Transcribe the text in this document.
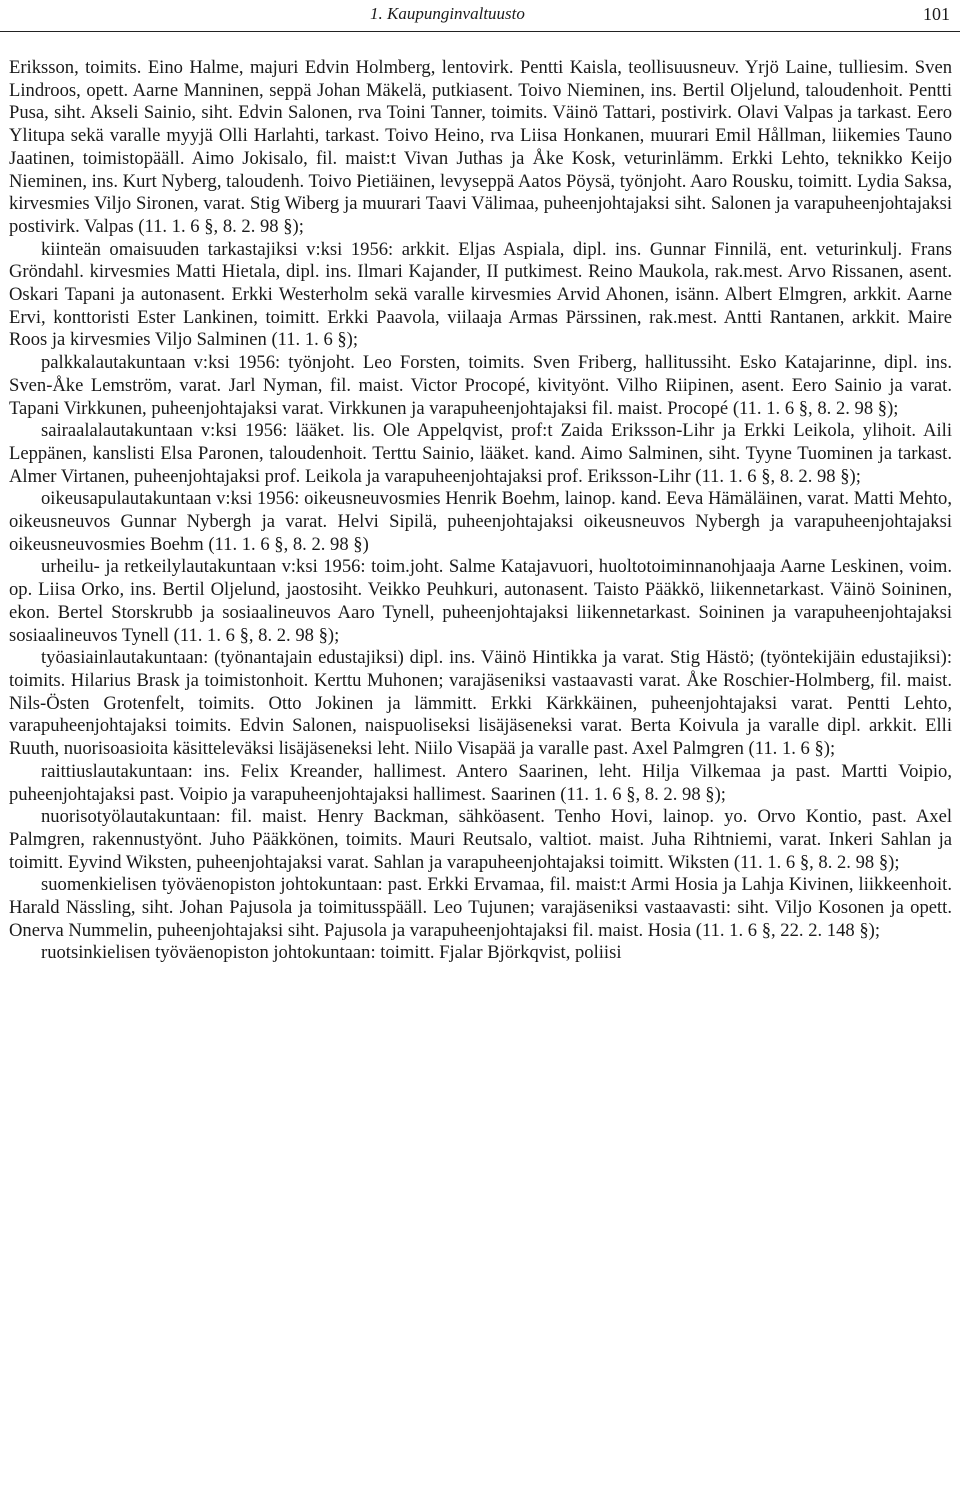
1. Kaupunginvaltuusto	101

Eriksson, toimits. Eino Halme, majuri Edvin Holmberg, lentovirk. Pentti Kaisla, teollisuusneuv. Yrjö Laine, tulliesim. Sven Lindroos, opett. Aarne Manninen, seppä Johan Mäkelä, putkiasent. Toivo Nieminen, ins. Bertil Oljelund, taloudenhoit. Pentti Pusa, siht. Akseli Sainio, siht. Edvin Salonen, rva Toini Tanner, toimits. Väinö Tattari, postivirk. Olavi Valpas ja tarkast. Eero Ylitupa sekä varalle myyjä Olli Harlahti, tarkast. Toivo Heino, rva Liisa Honkanen, muurari Emil Hållman, liikemies Tauno Jaatinen, toimistopääll. Aimo Jokisalo, fil. maist:t Vivan Juthas ja Åke Kosk, veturinlämm. Erkki Lehto, teknikko Keijo Nieminen, ins. Kurt Nyberg, taloudenh. Toivo Pietiäinen, levyseppä Aatos Pöysä, työnjoht. Aaro Rousku, toimitt. Lydia Saksa, kirvesmies Viljo Sironen, varat. Stig Wiberg ja muurari Taavi Välimaa, puheenjohtajaksi siht. Salonen ja varapuheenjohtajaksi postivirk. Valpas (11. 1. 6 §, 8. 2. 98 §);

kiinteän omaisuuden tarkastajiksi v:ksi 1956: arkkit. Eljas Aspiala, dipl. ins. Gunnar Finnilä, ent. veturinkulj. Frans Gröndahl. kirvesmies Matti Hietala, dipl. ins. Ilmari Kajander, II putkimest. Reino Maukola, rak.mest. Arvo Rissanen, asent. Oskari Tapani ja autonasent. Erkki Westerholm sekä varalle kirvesmies Arvid Ahonen, isänn. Albert Elmgren, arkkit. Aarne Ervi, konttoristi Ester Lankinen, toimitt. Erkki Paavola, viilaaja Armas Pärssinen, rak.mest. Antti Rantanen, arkkit. Maire Roos ja kirvesmies Viljo Salminen (11. 1. 6 §);

palkkalautakuntaan v:ksi 1956: työnjoht. Leo Forsten, toimits. Sven Friberg, hallitussiht. Esko Katajarinne, dipl. ins. Sven-Åke Lemström, varat. Jarl Nyman, fil. maist. Victor Procopé, kivityönt. Vilho Riipinen, asent. Eero Sainio ja varat. Tapani Virkkunen, puheenjohtajaksi varat. Virkkunen ja varapuheenjohtajaksi fil. maist. Procopé (11. 1. 6 §, 8. 2. 98 §);

sairaalalautakuntaan v:ksi 1956: lääket. lis. Ole Appelqvist, prof:t Zaida Eriksson-Lihr ja Erkki Leikola, ylihoit. Aili Leppänen, kanslisti Elsa Paronen, taloudenhoit. Terttu Sainio, lääket. kand. Aimo Salminen, siht. Tyyne Tuominen ja tarkast. Almer Virtanen, puheenjohtajaksi prof. Leikola ja varapuheenjohtajaksi prof. Eriksson-Lihr (11. 1. 6 §, 8. 2. 98 §);

oikeusapulautakuntaan v:ksi 1956: oikeusneuvosmies Henrik Boehm, lainop. kand. Eeva Hämäläinen, varat. Matti Mehto, oikeusneuvos Gunnar Nybergh ja varat. Helvi Sipilä, puheenjohtajaksi oikeusneuvos Nybergh ja varapuheenjohtajaksi oikeusneuvosmies Boehm (11. 1. 6 §, 8. 2. 98 §)

urheilu- ja retkeilylautakuntaan v:ksi 1956: toim.joht. Salme Katajavuori, huoltotoiminnanohjaaja Aarne Leskinen, voim. op. Liisa Orko, ins. Bertil Oljelund, jaostosiht. Veikko Peuhkuri, autonasent. Taisto Pääkkö, liikennetarkast. Väinö Soininen, ekon. Bertel Storskrubb ja sosiaalineuvos Aaro Tynell, puheenjohtajaksi liikennetarkast. Soininen ja varapuheenjohtajaksi sosiaalineuvos Tynell (11. 1. 6 §, 8. 2. 98 §);

työasiainlautakuntaan: (työnantajain edustajiksi) dipl. ins. Väinö Hintikka ja varat. Stig Hästö; (työntekijäin edustajiksi): toimits. Hilarius Brask ja toimistonhoit. Kerttu Muhonen; varajäseniksi vastaavasti varat. Åke Roschier-Holmberg, fil. maist. Nils-Östen Grotenfelt, toimits. Otto Jokinen ja lämmitt. Erkki Kärkkäinen, puheenjohtajaksi varat. Pentti Lehto, varapuheenjohtajaksi toimits. Edvin Salonen, naispuoliseksi lisäjäseneksi varat. Berta Koivula ja varalle dipl. arkkit. Elli Ruuth, nuorisoasioita käsitteleväksi lisäjäseneksi leht. Niilo Visapää ja varalle past. Axel Palmgren (11. 1. 6 §);

raittiuslautakuntaan: ins. Felix Kreander, hallimest. Antero Saarinen, leht. Hilja Vilkemaa ja past. Martti Voipio, puheenjohtajaksi past. Voipio ja varapuheenjohtajaksi hallimest. Saarinen (11. 1. 6 §, 8. 2. 98 §);

nuorisotyölautakuntaan: fil. maist. Henry Backman, sähköasent. Tenho Hovi, lainop. yo. Orvo Kontio, past. Axel Palmgren, rakennustyönt. Juho Pääkkönen, toimits. Mauri Reutsalo, valtiot. maist. Juha Rihtniemi, varat. Inkeri Sahlan ja toimitt. Eyvind Wiksten, puheenjohtajaksi varat. Sahlan ja varapuheenjohtajaksi toimitt. Wiksten (11. 1. 6 §, 8. 2. 98 §);

suomenkielisen työväenopiston johtokuntaan: past. Erkki Ervamaa, fil. maist:t Armi Hosia ja Lahja Kivinen, liikkeenhoit. Harald Nässling, siht. Johan Pajusola ja toimitusspääll. Leo Tujunen; varajäseniksi vastaavasti: siht. Viljo Kosonen ja opett. Onerva Nummelin, puheenjohtajaksi siht. Pajusola ja varapuheenjohtajaksi fil. maist. Hosia (11. 1. 6 §, 22. 2. 148 §);

ruotsinkielisen työväenopiston johtokuntaan: toimitt. Fjalar Björkqvist, poliisi
